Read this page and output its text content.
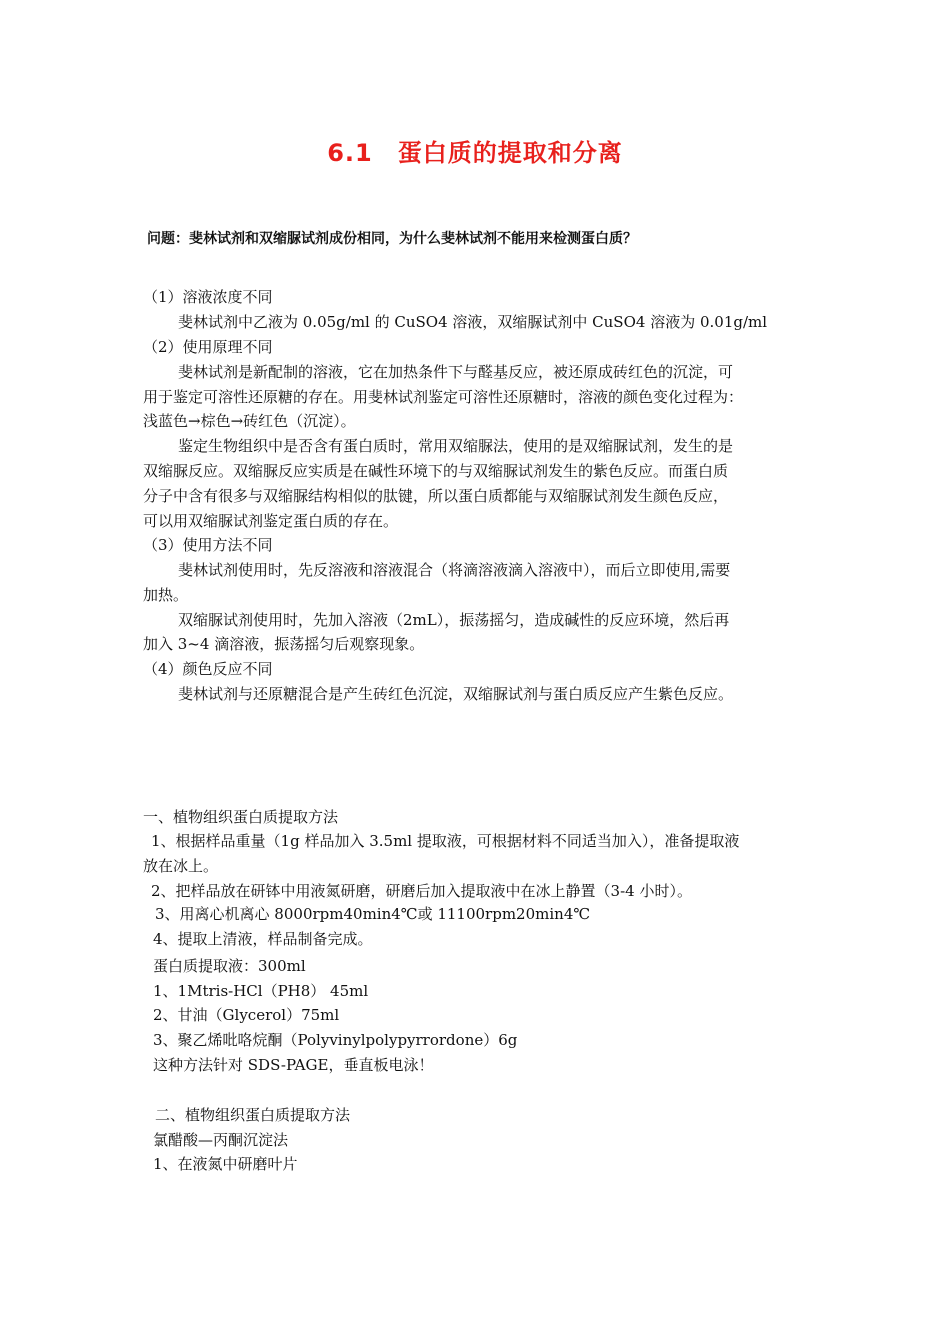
6.1　蛋白质的提取和分离
问题：斐林试剂和双缩脲试剂成份相同，为什么斐林试剂不能用来检测蛋白质？
（1）溶液浓度不同
斐林试剂中乙液为 0.05g/ml 的 CuSO4 溶液，双缩脲试剂中 CuSO4 溶液为 0.01g/ml
（2）使用原理不同
斐林试剂是新配制的溶液，它在加热条件下与醛基反应，被还原成砖红色的沉淀，可
用于鉴定可溶性还原糖的存在。用斐林试剂鉴定可溶性还原糖时，溶液的颜色变化过程为：
浅蓝色→棕色→砖红色（沉淀）。
鉴定生物组织中是否含有蛋白质时，常用双缩脲法，使用的是双缩脲试剂，发生的是
双缩脲反应。双缩脲反应实质是在碱性环境下的与双缩脲试剂发生的紫色反应。而蛋白质
分子中含有很多与双缩脲结构相似的肽键，所以蛋白质都能与双缩脲试剂发生颜色反应，
可以用双缩脲试剂鉴定蛋白质的存在。
（3）使用方法不同
斐林试剂使用时，先反溶液和溶液混合（将滴溶液滴入溶液中），而后立即使用,需要
加热。
双缩脲试剂使用时，先加入溶液（2mL），振荡摇匀，造成碱性的反应环境，然后再
加入 3~4 滴溶液，振荡摇匀后观察现象。
（4）颜色反应不同
斐林试剂与还原糖混合是产生砖红色沉淀，双缩脲试剂与蛋白质反应产生紫色反应。
一、植物组织蛋白质提取方法
1、根据样品重量（1g 样品加入 3.5ml 提取液，可根据材料不同适当加入），准备提取液
放在冰上。
2、把样品放在研钵中用液氮研磨，研磨后加入提取液中在冰上静置（3-4 小时）。
3、用离心机离心 8000rpm40min4℃或 11100rpm20min4℃
4、提取上清液，样品制备完成。
蛋白质提取液：300ml
1、1Mtris-HCl（PH8） 45ml
2、甘油（Glycerol）75ml
3、聚乙烯吡咯烷酮（Polyvinylpolypyrrordone）6g
这种方法针对 SDS-PAGE，垂直板电泳！
二、植物组织蛋白质提取方法
氯醋酸—丙酮沉淀法
1、在液氮中研磨叶片
